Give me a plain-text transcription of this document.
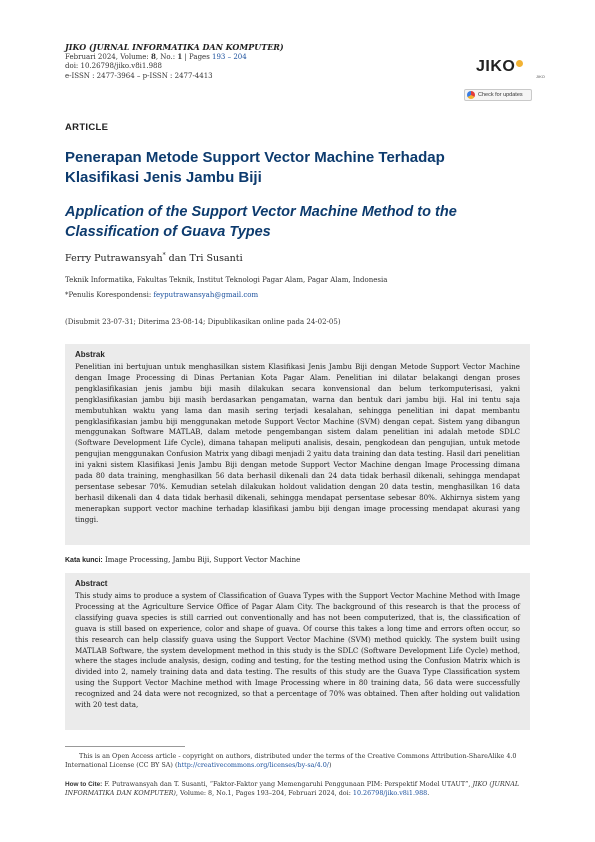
JIKO (JURNAL INFORMATIKA DAN KOMPUTER)
Februari 2024, Volume: 8, No.: 1 | Pages 193 – 204
doi: 10.26798/jiko.v8i1.988
e-ISSN : 2477-3964 – p-ISSN : 2477-4413
JIKO
JIKO
Check for updates
ARTICLE
Penerapan Metode Support Vector Machine Terhadap Klasifikasi Jenis Jambu Biji
Application of the Support Vector Machine Method to the Classification of Guava Types
Ferry Putrawansyah* dan Tri Susanti
Teknik Informatika, Fakultas Teknik, Institut Teknologi Pagar Alam, Pagar Alam, Indonesia
*Penulis Korespondensi: feyputrawansyah@gmail.com
(Disubmit 23-07-31; Diterima 23-08-14; Dipublikasikan online pada 24-02-05)
Abstrak

Penelitian ini bertujuan untuk menghasilkan sistem Klasifikasi Jenis Jambu Biji dengan Metode Support Vector Machine dengan Image Processing di Dinas Pertanian Kota Pagar Alam. Penelitian ini dilatar belakangi dengan proses pengklasifikasian jenis jambu biji masih dilakukan secara konvensional dan belum terkomputerisasi, yakni pengklasifikasian jambu biji masih berdasarkan pengamatan, warna dan bentuk dari jambu biji. Hal ini tentu saja membutuhkan waktu yang lama dan masih sering terjadi kesalahan, sehingga penelitian ini dapat membantu pengklasifikasian jambu biji menggunakan metode Support Vector Machine (SVM) dengan cepat. Sistem yang dibangun menggunakan Software MATLAB, dalam metode pengembangan sistem dalam penelitian ini adalah metode SDLC (Software Development Life Cycle), dimana tahapan meliputi analisis, desain, pengkodean dan pengujian, untuk metode pengujian menggunakan Confusion Matrix yang dibagi menjadi 2 yaitu data training dan data testing. Hasil dari penelitian ini yakni sistem Klasifikasi Jenis Jambu Biji dengan metode Support Vector Machine dengan Image Processing dimana pada 80 data training, menghasilkan 56 data berhasil dikenali dan 24 data tidak berhasil dikenali, sehingga mendapat persentase sebesar 70%. Kemudian setelah dilakukan holdout validation dengan 20 data testin, menghasilkan 16 data berhasil dikenali dan 4 data tidak berhasil dikenali, sehingga mendapat persentase sebesar 80%. Akhirnya sistem yang menerapkan support vector machine terhadap klasifikasi jambu biji dengan image processing mendapat akurasi yang tinggi.

Kata kunci: Image Processing, Jambu Biji, Support Vector Machine
Abstract

This study aims to produce a system of Classification of Guava Types with the Support Vector Machine Method with Image Processing at the Agriculture Service Office of Pagar Alam City. The background of this research is that the process of classifying guava species is still carried out conventionally and has not been computerized, that is, the classification of guava is still based on experience, color and shape of guava. Of course this takes a long time and errors often occur, so this research can help classify guava using the Support Vector Machine (SVM) method quickly. The system built using MATLAB Software, the system development method in this study is the SDLC (Software Development Life Cycle) method, where the stages include analysis, design, coding and testing, for the testing method using the Confusion Matrix which is divided into 2, namely training data and data testing. The results of this study are the Guava Type Classification system using the Support Vector Machine method with Image Processing where in 80 training data, 56 data were successfully recognized and 24 data were not recognized, so that a percentage of 70% was obtained. Then after holding out validation with 20 test data,

This is an Open Access article - copyright on authors, distributed under the terms of the Creative Commons Attribution-ShareAlike 4.0 International License (CC BY SA) (http://creativecommons.org/licenses/by-sa/4.0/)
How to Cite: F. Putrawansyah dan T. Susanti, “Faktor-Faktor yang Memengaruhi Penggunaan PIM: Perspektif Model UTAUT”, JIKO (JURNAL INFORMATIKA DAN KOMPUTER), Volume: 8, No.1, Pages 193–204, Februari 2024, doi: 10.26798/jiko.v8i1.988.
